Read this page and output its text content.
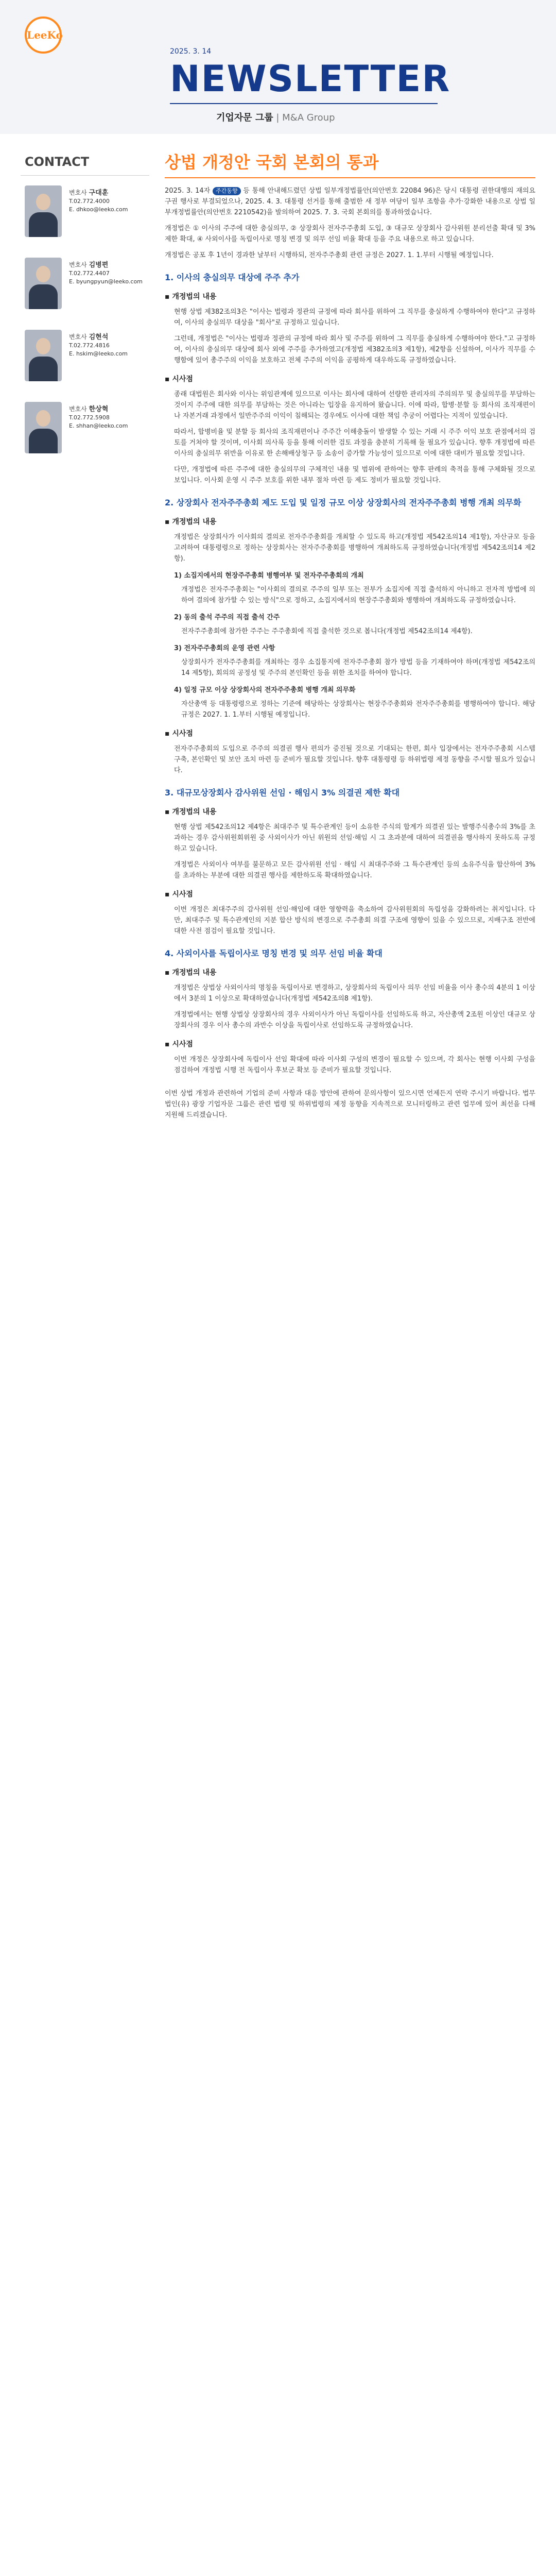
LeeKo
2025. 3. 14
NEWSLETTER
기업자문 그룹 | M&A Group
CONTACT
변호사 구대훈
T.02.772.4000
E. dhkoo@leeko.com
변호사 김병편
T.02.772.4407
E. byungpyun@leeko.com
변호사 김현석
T.02.772.4816
E. hskim@leeko.com
변호사 한상혁
T.02.772.5908
E. shhan@leeko.com
상법 개정안 국회 본회의 통과

2025. 3. 14자 주간동향 등 통해 안내해드렸던 상법 일부개정법률안(의안번호 22084 96)은 당시 대통령 권한대행의 재의요구권 행사로 부결되었으나, 2025. 4. 3. 대통령 선거를 통해 출범한 새 정부 여당이 일부 조항을 추가·강화한 내용으로 상법 일부개정법률안(의안번호 2210542)을 발의하여 2025. 7. 3. 국회 본회의를 통과하였습니다.

개정법은 ① 이사의 주주에 대한 충실의무, ② 상장회사 전자주주총회 도입, ③ 대규모 상장회사 감사위원 분리선출 확대 및 3% 제한 확대, ④ 사외이사를 독립이사로 명칭 변경 및 의무 선임 비율 확대 등을 주요 내용으로 하고 있습니다.

개정법은 공포 후 1년이 경과한 날부터 시행하되, 전자주주총회 관련 규정은 2027. 1. 1.부터 시행될 예정입니다.

1. 이사의 충실의무 대상에 주주 추가
▪ 개정법의 내용

현행 상법 제382조의3은 "이사는 법령과 정관의 규정에 따라 회사를 위하여 그 직무를 충실하게 수행하여야 한다"고 규정하여, 이사의 충실의무 대상을 "회사"로 규정하고 있습니다.

그런데, 개정법은 "이사는 법령과 정관의 규정에 따라 회사 및 주주를 위하여 그 직무를 충실하게 수행하여야 한다."고 규정하여, 이사의 충실의무 대상에 회사 외에 주주를 추가하였고(개정법 제382조의3 제1항), 제2항을 신설하여, 이사가 직무를 수행함에 있어 총주주의 이익을 보호하고 전체 주주의 이익을 공평하게 대우하도록 규정하였습니다.

▪ 시사점

종래 대법원은 회사와 이사는 위임관계에 있으므로 이사는 회사에 대하여 선량한 관리자의 주의의무 및 충실의무를 부담하는 것이지 주주에 대한 의무를 부담하는 것은 아니라는 입장을 유지하여 왔습니다. 이에 따라, 합병·분할 등 회사의 조직재편이나 자본거래 과정에서 일반주주의 이익이 침해되는 경우에도 이사에 대한 책임 추궁이 어렵다는 지적이 있었습니다.

따라서, 합병비율 및 분할 등 회사의 조직재편이나 주주간 이해충돌이 발생할 수 있는 거래 시 주주 이익 보호 관점에서의 검토를 거쳐야 할 것이며, 이사회 의사록 등을 통해 이러한 검토 과정을 충분히 기록해 둘 필요가 있습니다. 향후 개정법에 따른 이사의 충실의무 위반을 이유로 한 손해배상청구 등 소송이 증가할 가능성이 있으므로 이에 대한 대비가 필요할 것입니다.

다만, 개정법에 따른 주주에 대한 충실의무의 구체적인 내용 및 범위에 관하여는 향후 판례의 축적을 통해 구체화될 것으로 보입니다. 이사회 운영 시 주주 보호를 위한 내부 절차 마련 등 제도 정비가 필요할 것입니다.

2. 상장회사 전자주주총회 제도 도입 및 일정 규모 이상 상장회사의 전자주주총회 병행 개최 의무화
▪ 개정법의 내용

개정법은 상장회사가 이사회의 결의로 전자주주총회를 개최할 수 있도록 하고(개정법 제542조의14 제1항), 자산규모 등을 고려하여 대통령령으로 정하는 상장회사는 전자주주총회를 병행하여 개최하도록 규정하였습니다(개정법 제542조의14 제2항).

1) 소집지에서의 현장주주총회 병행여부 및 전자주주총회의 개최

개정법은 전자주주총회는 "이사회의 결의로 주주의 일부 또는 전부가 소집지에 직접 출석하지 아니하고 전자적 방법에 의하여 결의에 참가할 수 있는 방식"으로 정하고, 소집지에서의 현장주주총회와 병행하여 개최하도록 규정하였습니다.

2) 동의 출석 주주의 직접 출석 간주

전자주주총회에 참가한 주주는 주주총회에 직접 출석한 것으로 봅니다(개정법 제542조의14 제4항).

3) 전자주주총회의 운영 관련 사항

상장회사가 전자주주총회를 개최하는 경우 소집통지에 전자주주총회 참가 방법 등을 기재하여야 하며(개정법 제542조의14 제5항), 회의의 공정성 및 주주의 본인확인 등을 위한 조치를 하여야 합니다.

4) 일정 규모 이상 상장회사의 전자주주총회 병행 개최 의무화

자산총액 등 대통령령으로 정하는 기준에 해당하는 상장회사는 현장주주총회와 전자주주총회를 병행하여야 합니다. 해당 규정은 2027. 1. 1.부터 시행될 예정입니다.

▪ 시사점

전자주주총회의 도입으로 주주의 의결권 행사 편의가 증진될 것으로 기대되는 한편, 회사 입장에서는 전자주주총회 시스템 구축, 본인확인 및 보안 조치 마련 등 준비가 필요할 것입니다. 향후 대통령령 등 하위법령 제정 동향을 주시할 필요가 있습니다.

3. 대규모상장회사 감사위원 선임 · 해임시 3% 의결권 제한 확대
▪ 개정법의 내용

현행 상법 제542조의12 제4항은 최대주주 및 특수관계인 등이 소유한 주식의 합계가 의결권 있는 발행주식총수의 3%를 초과하는 경우 감사위원회위원 중 사외이사가 아닌 위원의 선임·해임 시 그 초과분에 대하여 의결권을 행사하지 못하도록 규정하고 있습니다.

개정법은 사외이사 여부를 불문하고 모든 감사위원 선임 · 해임 시 최대주주와 그 특수관계인 등의 소유주식을 합산하여 3%를 초과하는 부분에 대한 의결권 행사를 제한하도록 확대하였습니다.

▪ 시사점

이번 개정은 최대주주의 감사위원 선임·해임에 대한 영향력을 축소하여 감사위원회의 독립성을 강화하려는 취지입니다. 다만, 최대주주 및 특수관계인의 지분 합산 방식의 변경으로 주주총회 의결 구조에 영향이 있을 수 있으므로, 지배구조 전반에 대한 사전 점검이 필요할 것입니다.

4. 사외이사를 독립이사로 명칭 변경 및 의무 선임 비율 확대
▪ 개정법의 내용

개정법은 상법상 사외이사의 명칭을 독립이사로 변경하고, 상장회사의 독립이사 의무 선임 비율을 이사 총수의 4분의 1 이상에서 3분의 1 이상으로 확대하였습니다(개정법 제542조의8 제1항).

개정법에서는 현행 상법상 상장회사의 경우 사외이사가 아닌 독립이사를 선임하도록 하고, 자산총액 2조원 이상인 대규모 상장회사의 경우 이사 총수의 과반수 이상을 독립이사로 선임하도록 규정하였습니다.

▪ 시사점

이번 개정은 상장회사에 독립이사 선임 확대에 따라 이사회 구성의 변경이 필요할 수 있으며, 각 회사는 현행 이사회 구성을 점검하여 개정법 시행 전 독립이사 후보군 확보 등 준비가 필요할 것입니다.

이번 상법 개정과 관련하여 기업의 준비 사항과 대응 방안에 관하여 문의사항이 있으시면 언제든지 연락 주시기 바랍니다. 법무법인(유) 광장 기업자문 그룹은 관련 법령 및 하위법령의 제정 동향을 지속적으로 모니터링하고 관련 업무에 있어 최선을 다해 지원해 드리겠습니다.
